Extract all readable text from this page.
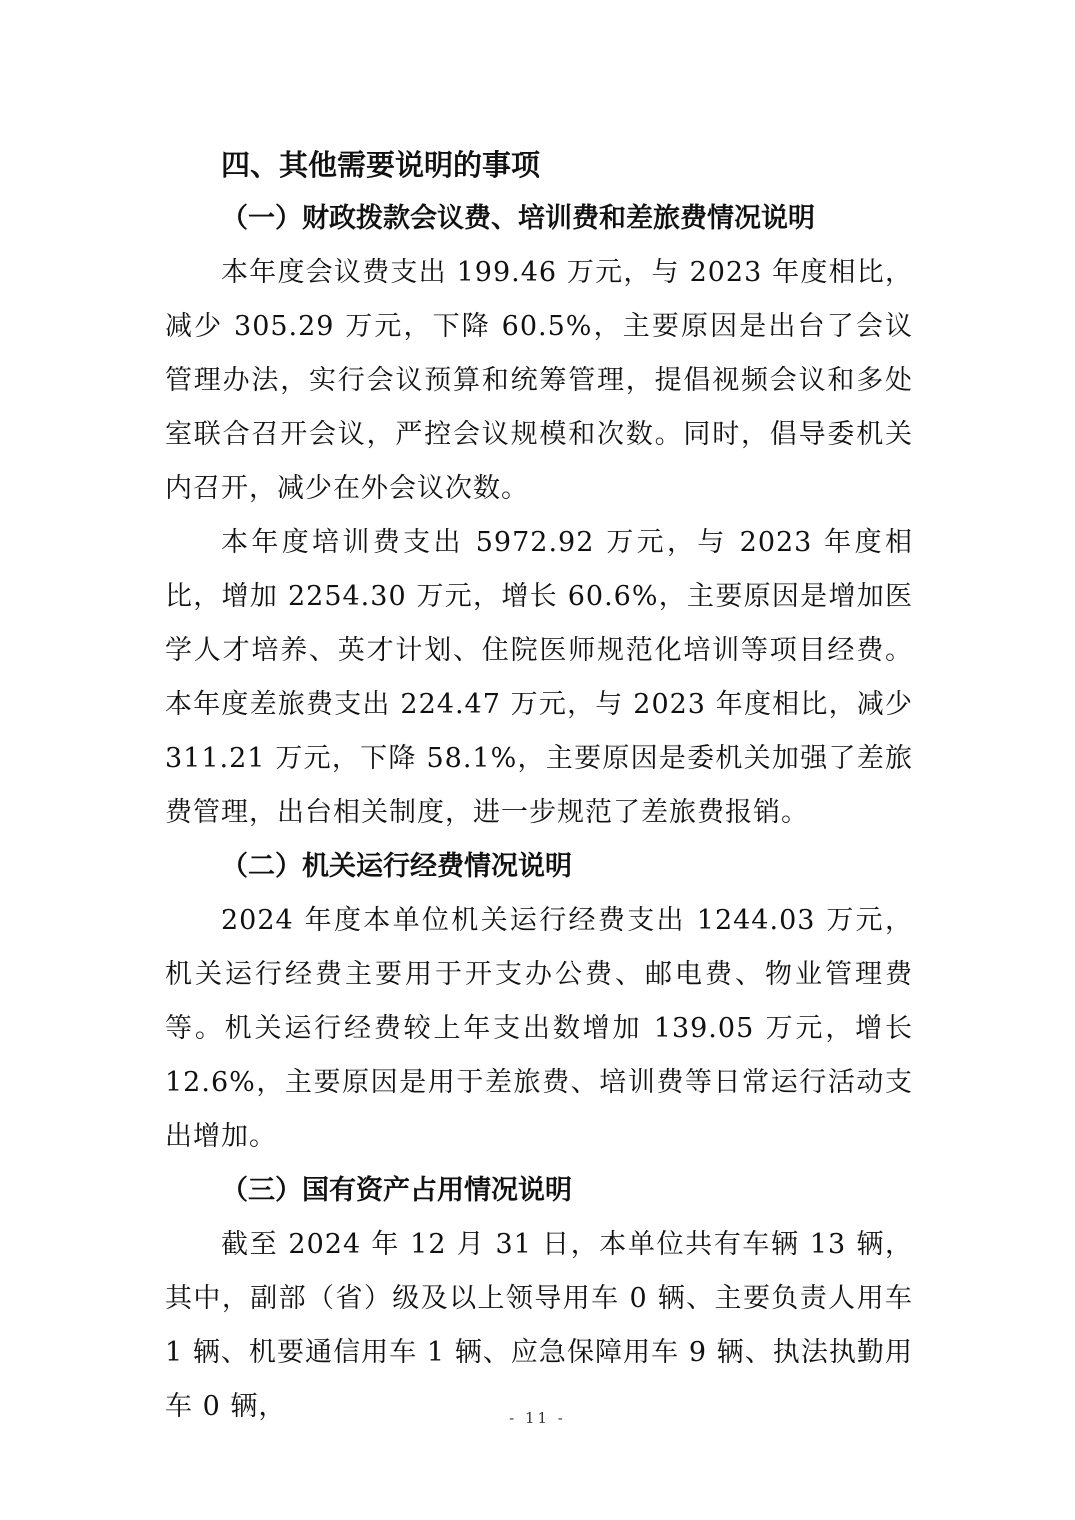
四、其他需要说明的事项
（一）财政拨款会议费、培训费和差旅费情况说明

本年度会议费支出 199.46 万元，与 2023 年度相比，减少 305.29 万元，下降 60.5%，主要原因是出台了会议管理办法，实行会议预算和统筹管理，提倡视频会议和多处室联合召开会议，严控会议规模和次数。同时，倡导委机关内召开，减少在外会议次数。

本年度培训费支出 5972.92 万元，与 2023 年度相比，增加 2254.30 万元，增长 60.6%，主要原因是增加医学人才培养、英才计划、住院医师规范化培训等项目经费。本年度差旅费支出 224.47 万元，与 2023 年度相比，减少 311.21 万元，下降 58.1%，主要原因是委机关加强了差旅费管理，出台相关制度，进一步规范了差旅费报销。

（二）机关运行经费情况说明

2024 年度本单位机关运行经费支出 1244.03 万元，机关运行经费主要用于开支办公费、邮电费、物业管理费等。机关运行经费较上年支出数增加 139.05 万元，增长 12.6%，主要原因是用于差旅费、培训费等日常运行活动支出增加。

（三）国有资产占用情况说明

截至 2024 年 12 月 31 日，本单位共有车辆 13 辆，其中，副部（省）级及以上领导用车 0 辆、主要负责人用车 1 辆、机要通信用车 1 辆、应急保障用车 9 辆、执法执勤用车 0 辆，	- 11 -
